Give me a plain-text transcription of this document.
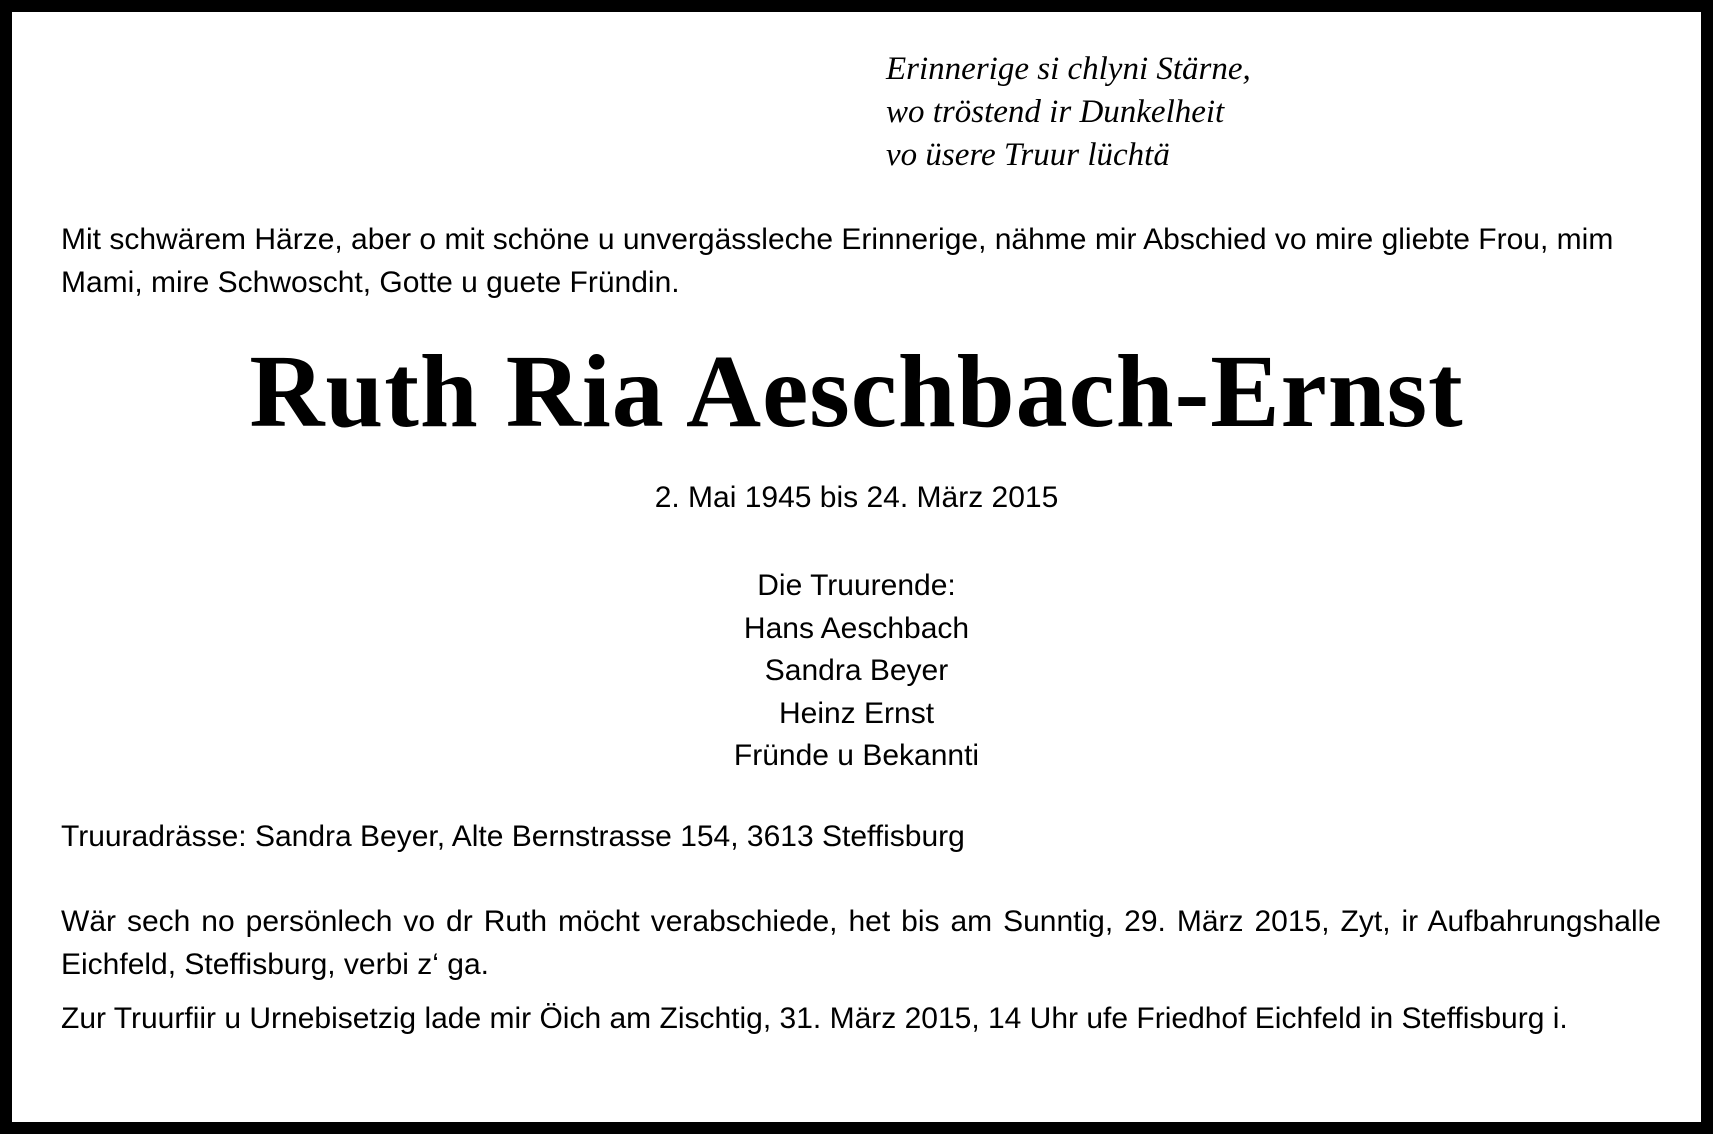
Erinnerige si chlyni Stärne,
wo tröstend ir Dunkelheit
vo üsere Truur lüchtä

Mit schwärem Härze, aber o mit schöne u unvergässleche Erinnerige, nähme mir Abschied vo mire gliebte Frou, mim Mami, mire Schwoscht, Gotte u guete Fründin.

Ruth Ria Aeschbach-Ernst

2. Mai 1945 bis 24. März 2015

Die Truurende:
Hans Aeschbach
Sandra Beyer
Heinz Ernst
Fründe u Bekannti

Truuradrässe: Sandra Beyer, Alte Bernstrasse 154, 3613 Steffisburg

Wär sech no persönlech vo dr Ruth möcht verabschiede, het bis am Sunntig, 29. März 2015, Zyt, ir Aufbahrungshalle Eichfeld, Steffisburg, verbi z‘ ga.

Zur Truurfiir u Urnebisetzig lade mir Öich am Zischtig, 31. März 2015, 14 Uhr ufe Friedhof Eichfeld in Steffisburg i.
